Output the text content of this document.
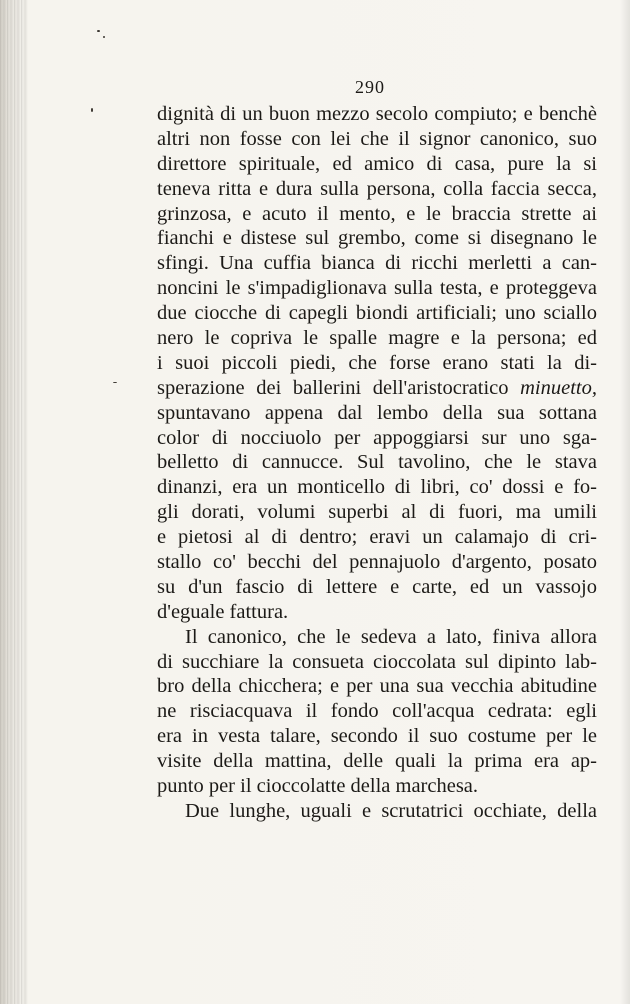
290
dignità di un buon mezzo secolo compiuto; e benchè
altri non fosse con lei che il signor canonico, suo
direttore spirituale, ed amico di casa, pure la si
teneva ritta e dura sulla persona, colla faccia secca,
grinzosa, e acuto il mento, e le braccia strette ai
fianchi e distese sul grembo, come si disegnano le
sfingi. Una cuffia bianca di ricchi merletti a can-
noncini le s'impadiglionava sulla testa, e proteggeva
due ciocche di capegli biondi artificiali; uno sciallo
nero le copriva le spalle magre e la persona; ed
i suoi piccoli piedi, che forse erano stati la di-
sperazione dei ballerini dell'aristocratico minuetto,
spuntavano appena dal lembo della sua sottana
color di nocciuolo per appoggiarsi sur uno sga-
belletto di cannucce. Sul tavolino, che le stava
dinanzi, era un monticello di libri, co' dossi e fo-
gli dorati, volumi superbi al di fuori, ma umili
e pietosi al di dentro; eravi un calamajo di cri-
stallo co' becchi del pennajuolo d'argento, posato
su d'un fascio di lettere e carte, ed un vassojo
d'eguale fattura.
Il canonico, che le sedeva a lato, finiva allora
di succhiare la consueta cioccolata sul dipinto lab-
bro della chicchera; e per una sua vecchia abitudine
ne risciacquava il fondo coll'acqua cedrata: egli
era in vesta talare, secondo il suo costume per le
visite della mattina, delle quali la prima era ap-
punto per il cioccolatte della marchesa.
Due lunghe, uguali e scrutatrici occhiate, della
